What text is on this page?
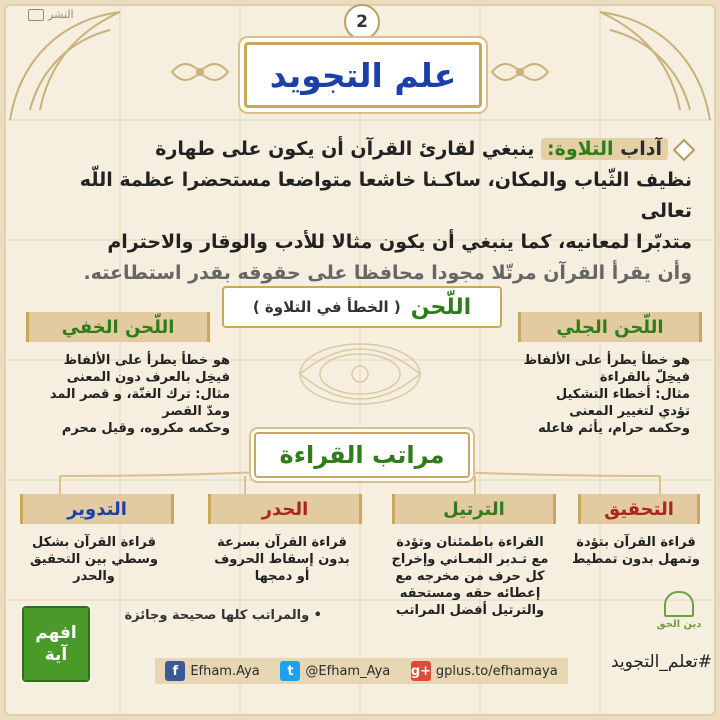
النشر	2
علم التجويد
آداب التلاوة: ينبغي لقارئ القرآن أن يكون على طهارة
نظيف الثّياب والمكان، ساكـنا خاشعا متواضعا مستحضرا عظمة اللّه تعالى
متدبّرا لمعانيه، كما ينبغي أن يكون مثالا للأدب والوقار والاحترام
وأن يقرأ القرآن مرتّلا مجودا محافظا على حقوقه بقدر استطاعته.
اللّحن
( الخطأ في التلاوة )
اللّحن الجلي
هو خطأ يطرأ على الألفاظ
فيخِلّ بالقراءة
مثال: أخطاء التشكيل
تؤدي لتغيير المعنى
وحكمه حرام، يأثم فاعله
اللّحن الخفي
هو خطأ يطرأ على الألفاظ
فيخِل بالعرف دون المعنى
مثال: ترك الغنّة، و قصر المد
ومدّ القصر
وحكمه مكروه، وقيل محرم
مراتب القراءة
التحقيق
قراءة القرآن بتؤدة
وتمهل بدون تمطيط
الترتيل
القراءة باطمئنان وتؤدة
مع تـدبر المعـاني وإخراج
كل حرف من مخرجه مع
إعطائه حقه ومستحقه
والترتيل أفضل المراتب
الحدر
قراءة القرآن بسرعة
بدون إسقاط الحروف
أو دمجها
التدوير
قراءة القرآن بشكل
وسطي بين التحقيق
والحدر
• والمراتب كلها صحيحة وجائزة
افهم
آية
دين الحق
f Efham.Aya	t @Efham_Aya g+ gplus.to/efhamaya	#تعلم_التجويد
